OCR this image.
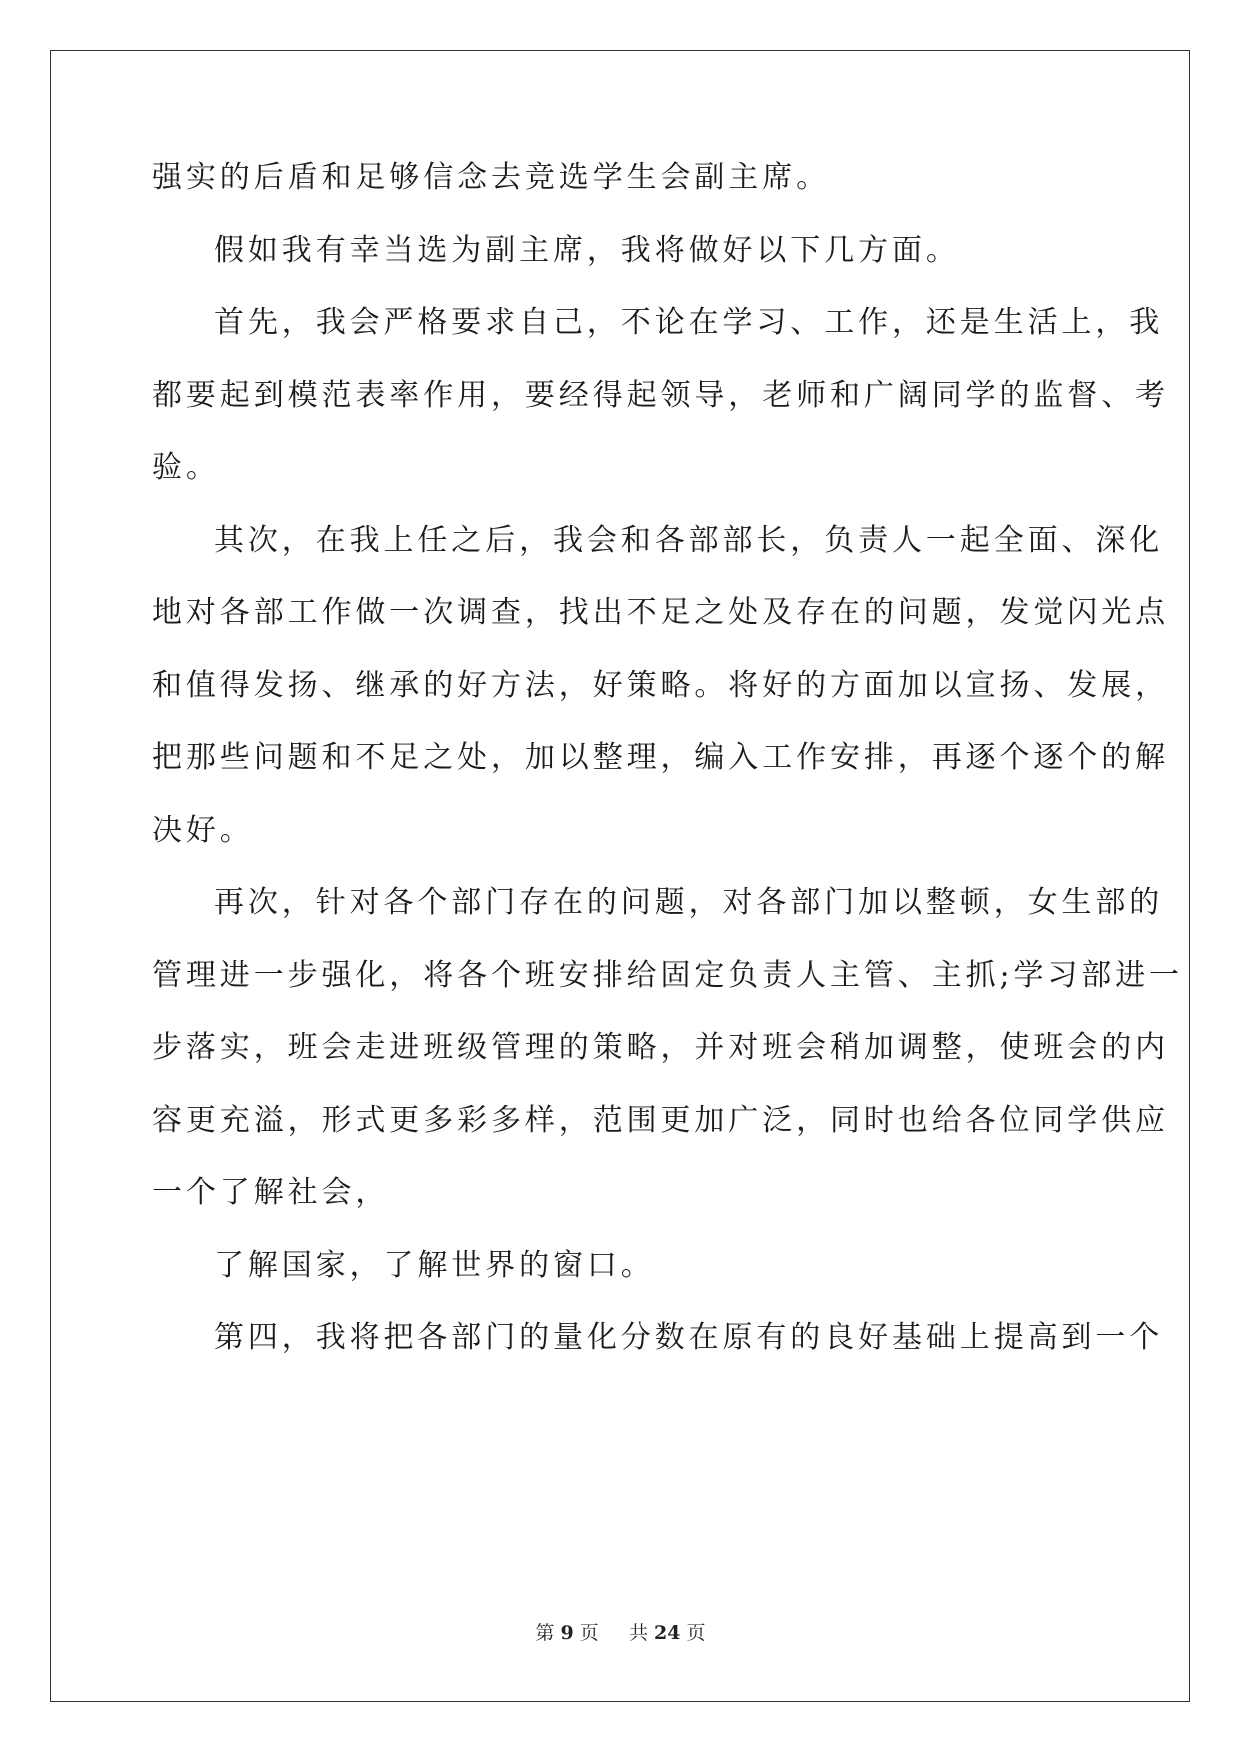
强实的后盾和足够信念去竞选学生会副主席。
假如我有幸当选为副主席，我将做好以下几方面。
首先，我会严格要求自己，不论在学习、工作，还是生活上，我
都要起到模范表率作用，要经得起领导，老师和广阔同学的监督、考
验。
其次，在我上任之后，我会和各部部长，负责人一起全面、深化
地对各部工作做一次调查，找出不足之处及存在的问题，发觉闪光点
和值得发扬、继承的好方法，好策略。将好的方面加以宣扬、发展，
把那些问题和不足之处，加以整理，编入工作安排，再逐个逐个的解
决好。
再次，针对各个部门存在的问题，对各部门加以整顿，女生部的
管理进一步强化，将各个班安排给固定负责人主管、主抓;学习部进一
步落实，班会走进班级管理的策略，并对班会稍加调整，使班会的内
容更充溢，形式更多彩多样，范围更加广泛，同时也给各位同学供应
一个了解社会，
了解国家，了解世界的窗口。
第四，我将把各部门的量化分数在原有的良好基础上提高到一个
第 9 页 共 24 页
